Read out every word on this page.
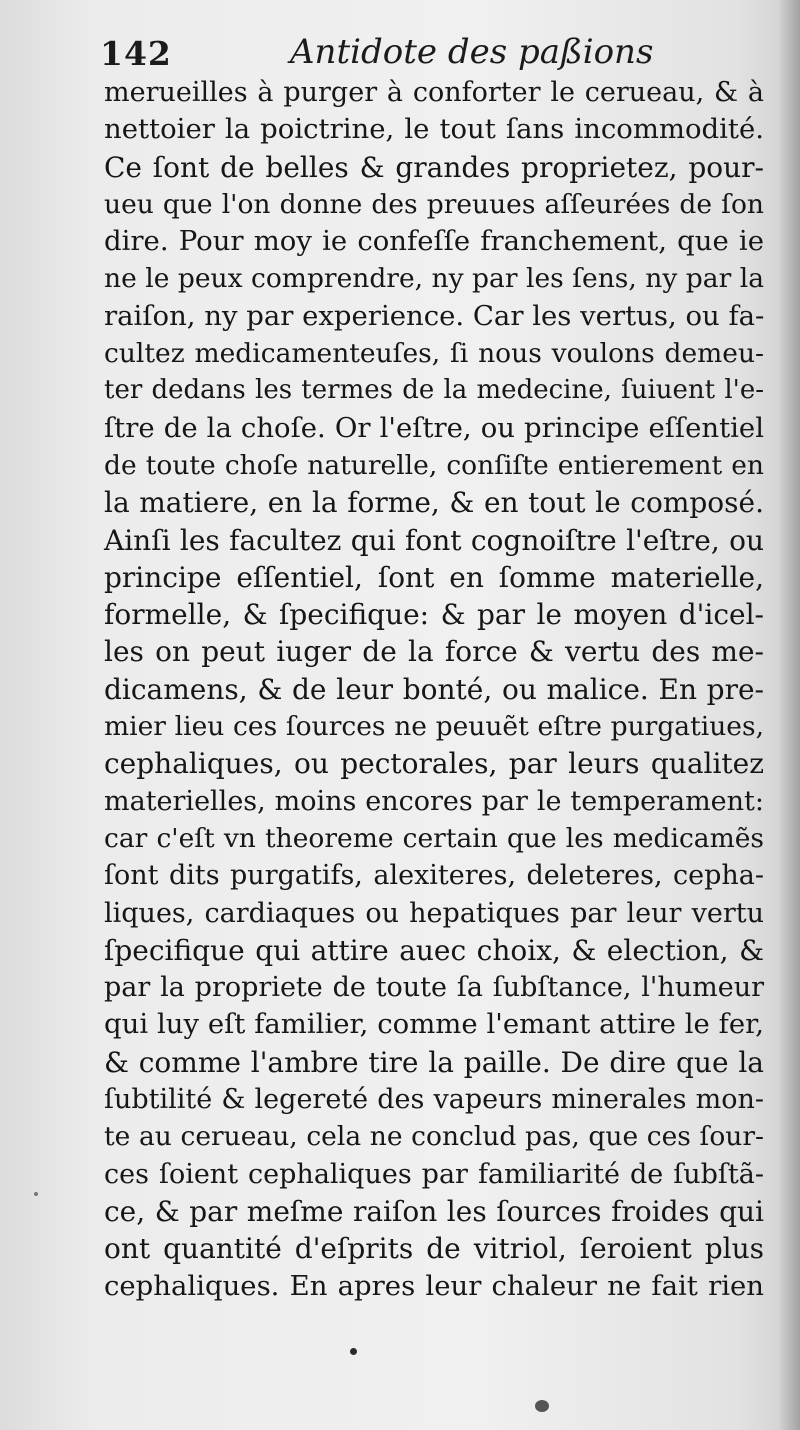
142	Antidote des paßions
merueilles à purger à conforter le cerueau, & à
nettoier la poictrine, le tout ſans incommodité.
Ce ſont de belles & grandes proprietez, pour-
ueu que l'on donne des preuues aſſeurées de ſon
dire. Pour moy ie confeſſe franchement, que ie
ne le peux comprendre, ny par les ſens, ny par la
raiſon, ny par experience. Car les vertus, ou fa-
cultez medicamenteuſes, ſi nous voulons demeu-
ter dedans les termes de la medecine, ſuiuent l'e-
ſtre de la choſe. Or l'eſtre, ou principe eſſentiel
de toute choſe naturelle, conſiſte entierement en
la matiere, en la forme, & en tout le composé.
Ainſi les facultez qui font cognoiſtre l'eſtre, ou
principe eſſentiel, ſont en ſomme materielle,
formelle, & ſpecifique: & par le moyen d'icel-
les on peut iuger de la force & vertu des me-
dicamens, & de leur bonté, ou malice. En pre-
mier lieu ces ſources ne peuuẽt eſtre purgatiues,
cephaliques, ou pectorales, par leurs qualitez
materielles, moins encores par le temperament:
car c'eſt vn theoreme certain que les medicamẽs
ſont dits purgatifs, alexiteres, deleteres, cepha-
liques, cardiaques ou hepatiques par leur vertu
ſpecifique qui attire auec choix, & election, &
par la propriete de toute ſa ſubſtance, l'humeur
qui luy eſt familier, comme l'emant attire le fer,
& comme l'ambre tire la paille. De dire que la
ſubtilité & legereté des vapeurs minerales mon-
te au cerueau, cela ne conclud pas, que ces ſour-
ces ſoient cephaliques par familiarité de ſubſtã-
ce, & par meſme raiſon les ſources froides qui
ont quantité d'eſprits de vitriol, ſeroient plus
cephaliques. En apres leur chaleur ne fait rien
